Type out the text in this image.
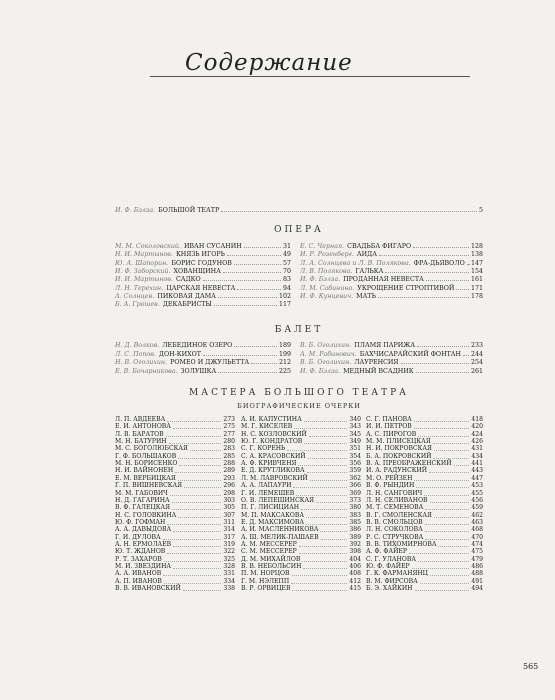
Содержание
И. Ф. Бэлза. БОЛЬШОЙ ТЕАТР	5
ОПЕРА
М. М. Соколовский. ИВАН СУСАНИН	31
Н. И. Мартынов. КНЯЗЬ ИГОРЬ	49
Ю. А. Шапорин. БОРИС ГОДУНОВ	57
И. Ф. Заборский. ХОВАНЩИНА	70
И. И. Мартынов. САДКО	83
Л. Н. Терехин. ЦАРСКАЯ НЕВЕСТА	94
А. Солнцев. ПИКОВАЯ ДАМА	102
Б. А. Грошев. ДЕКАБРИСТЫ	117
Е. С. Черная. СВАДЬБА ФИГАРО	128
И. Р. Розенберг. АИДА	138
Л. А. Солнцева и Л. В. Полякова. ФРА-ДЬЯВОЛО 147
Л. В. Полякова. ГАЛЬКА	154
И. Ф. Бэлза. ПРОДАННАЯ НЕВЕСТА	161
Л. М. Сабинина. УКРОЩЕНИЕ СТРОПТИВОЙ	171
И. Ф. Кунцевич. МАТЬ	178
БАЛЕТ
Н. Д. Волков. ЛЕБЕДИНОЕ ОЗЕРО	189
Л. С. Попов. ДОН-КИХОТ	199
Н. В. Оголихин. РОМЕО И ДЖУЛЬЕТТА	212
Е. В. Бочарникова. ЗОЛУШКА	225
В. Б. Оголихин. ПЛАМЯ ПАРИЖА	233
А. М. Рабинович. БАХЧИСАРАЙСКИЙ ФОНТАН 244
В. Б. Оголихин. ЛАУРЕНСИЯ	254
И. Ф. Бэлза. МЕДНЫЙ ВСАДНИК	261
МАСТЕРА БОЛЬШОГО ТЕАТРА
БИОГРАФИЧЕСКИЕ ОЧЕРКИ
Л. П. АВДЕЕВА	273
Е. И. АНТОНОВА	275
Л. В. БАРАТОВ	277
М. Н. БАТУРИН	280
М. С. БОГОЛЮБСКАЯ	283
Г. Ф. БОЛЬШАКОВ	285
М. Н. БОРИСЕНКО	288
Н. И. ВАЙНОНЕН	289
Е. М. ВЕРБИЦКАЯ	293
Г. П. ВИШНЕВСКАЯ	296
М. М. ГАБОВИЧ	298
Н. Д. ГАГАРИНА	303
В. Ф. ГАЛЕЦКАЯ	305
Н. С. ГОЛОВКИНА	307
Ю. Ф. ГОФМАН	311
А. А. ДАВЫДОВА	314
Г. И. ДУЛОВА	317
А. Н. ЕРМОЛАЕВ	319
Ю. Т. ЖДАНОВ	322
Р. Т. ЗАХАРОВ	325
М. И. ЗВЕЗДИНА	328
А. А. ИВАНОВ	331
А. П. ИВАНОВ	334
В. В. ИВАНОВСКИЙ	338
А. И. КАПУСТИНА	340
М. Г. КИСЕЛЕВ	343
Н. С. КОЗЛОВСКИЙ	345
Ю. Г. КОНДРАТОВ	349
С. Г. КОРЕНЬ	351
С. А. КРАСОВСКИЙ	354
А. Ф. КРИВЧЕНЯ	356
Е. Д. КРУТЛИКОВА	359
Л. М. ЛАВРОВСКИЙ	362
А. А. ЛАПАУРИ	366
Г. И. ЛЕМЕШЕВ	369
О. В. ЛЕПЕШИНСКАЯ	373
П. Г. ЛИСИЦИАН	380
М. П. МАКСАКОВА	383
Е. Д. МАКСИМОВА	385
А. И. МАСЛЕННИКОВА	386
А. Ш. МЕЛИК-ПАШАЕВ	389
А. М. МЕССЕРЕР	392
С. М. МЕССЕРЕР	398
Д. М. МИХАЙЛОВ	404
В. В. НЕБОЛЬСИН	406
П. М. НОРЦОВ	408
Г. М. НЭЛЕПП	412
В. Р. ОРВИЦЕВ	415
С. Г. ПАНОВА	418
И. И. ПЕТРОВ	420
А. С. ПИРОГОВ	424
М. М. ПЛИСЕЦКАЯ	426
Н. И. ПОКРОВСКАЯ	431
Б. А. ПОКРОВСКИЙ	434
В. А. ПРЕОБРАЖЕНСКИЙ	441
И. А. РАДУНСКИЙ	443
М. О. РЕЙЗЕН	447
В. Ф. РЫНДИН	453
Л. Н. САНГОВИЧ	455
Л. Н. СЕЛИВАНОВ	456
М. Т. СЕМЕНОВА	459
В. Г. СМОЛЕНСКАЯ	462
В. В. СМОЛЬЦОВ	463
Л. Н. СОКОЛОВА	468
Р. С. СТРУЧКОВА	470
В. В. ТИХОМИРНОВА	474
А. Ф. ФАЙЕР	475
С. Г. УЛАНОВА	479
Ю. Ф. ФАЙЕР	486
Г. К. ФАРМАНЯНЦ	488
В. М. ФИРСОВА	491
Б. Э. ХАЙКИН	494
565
